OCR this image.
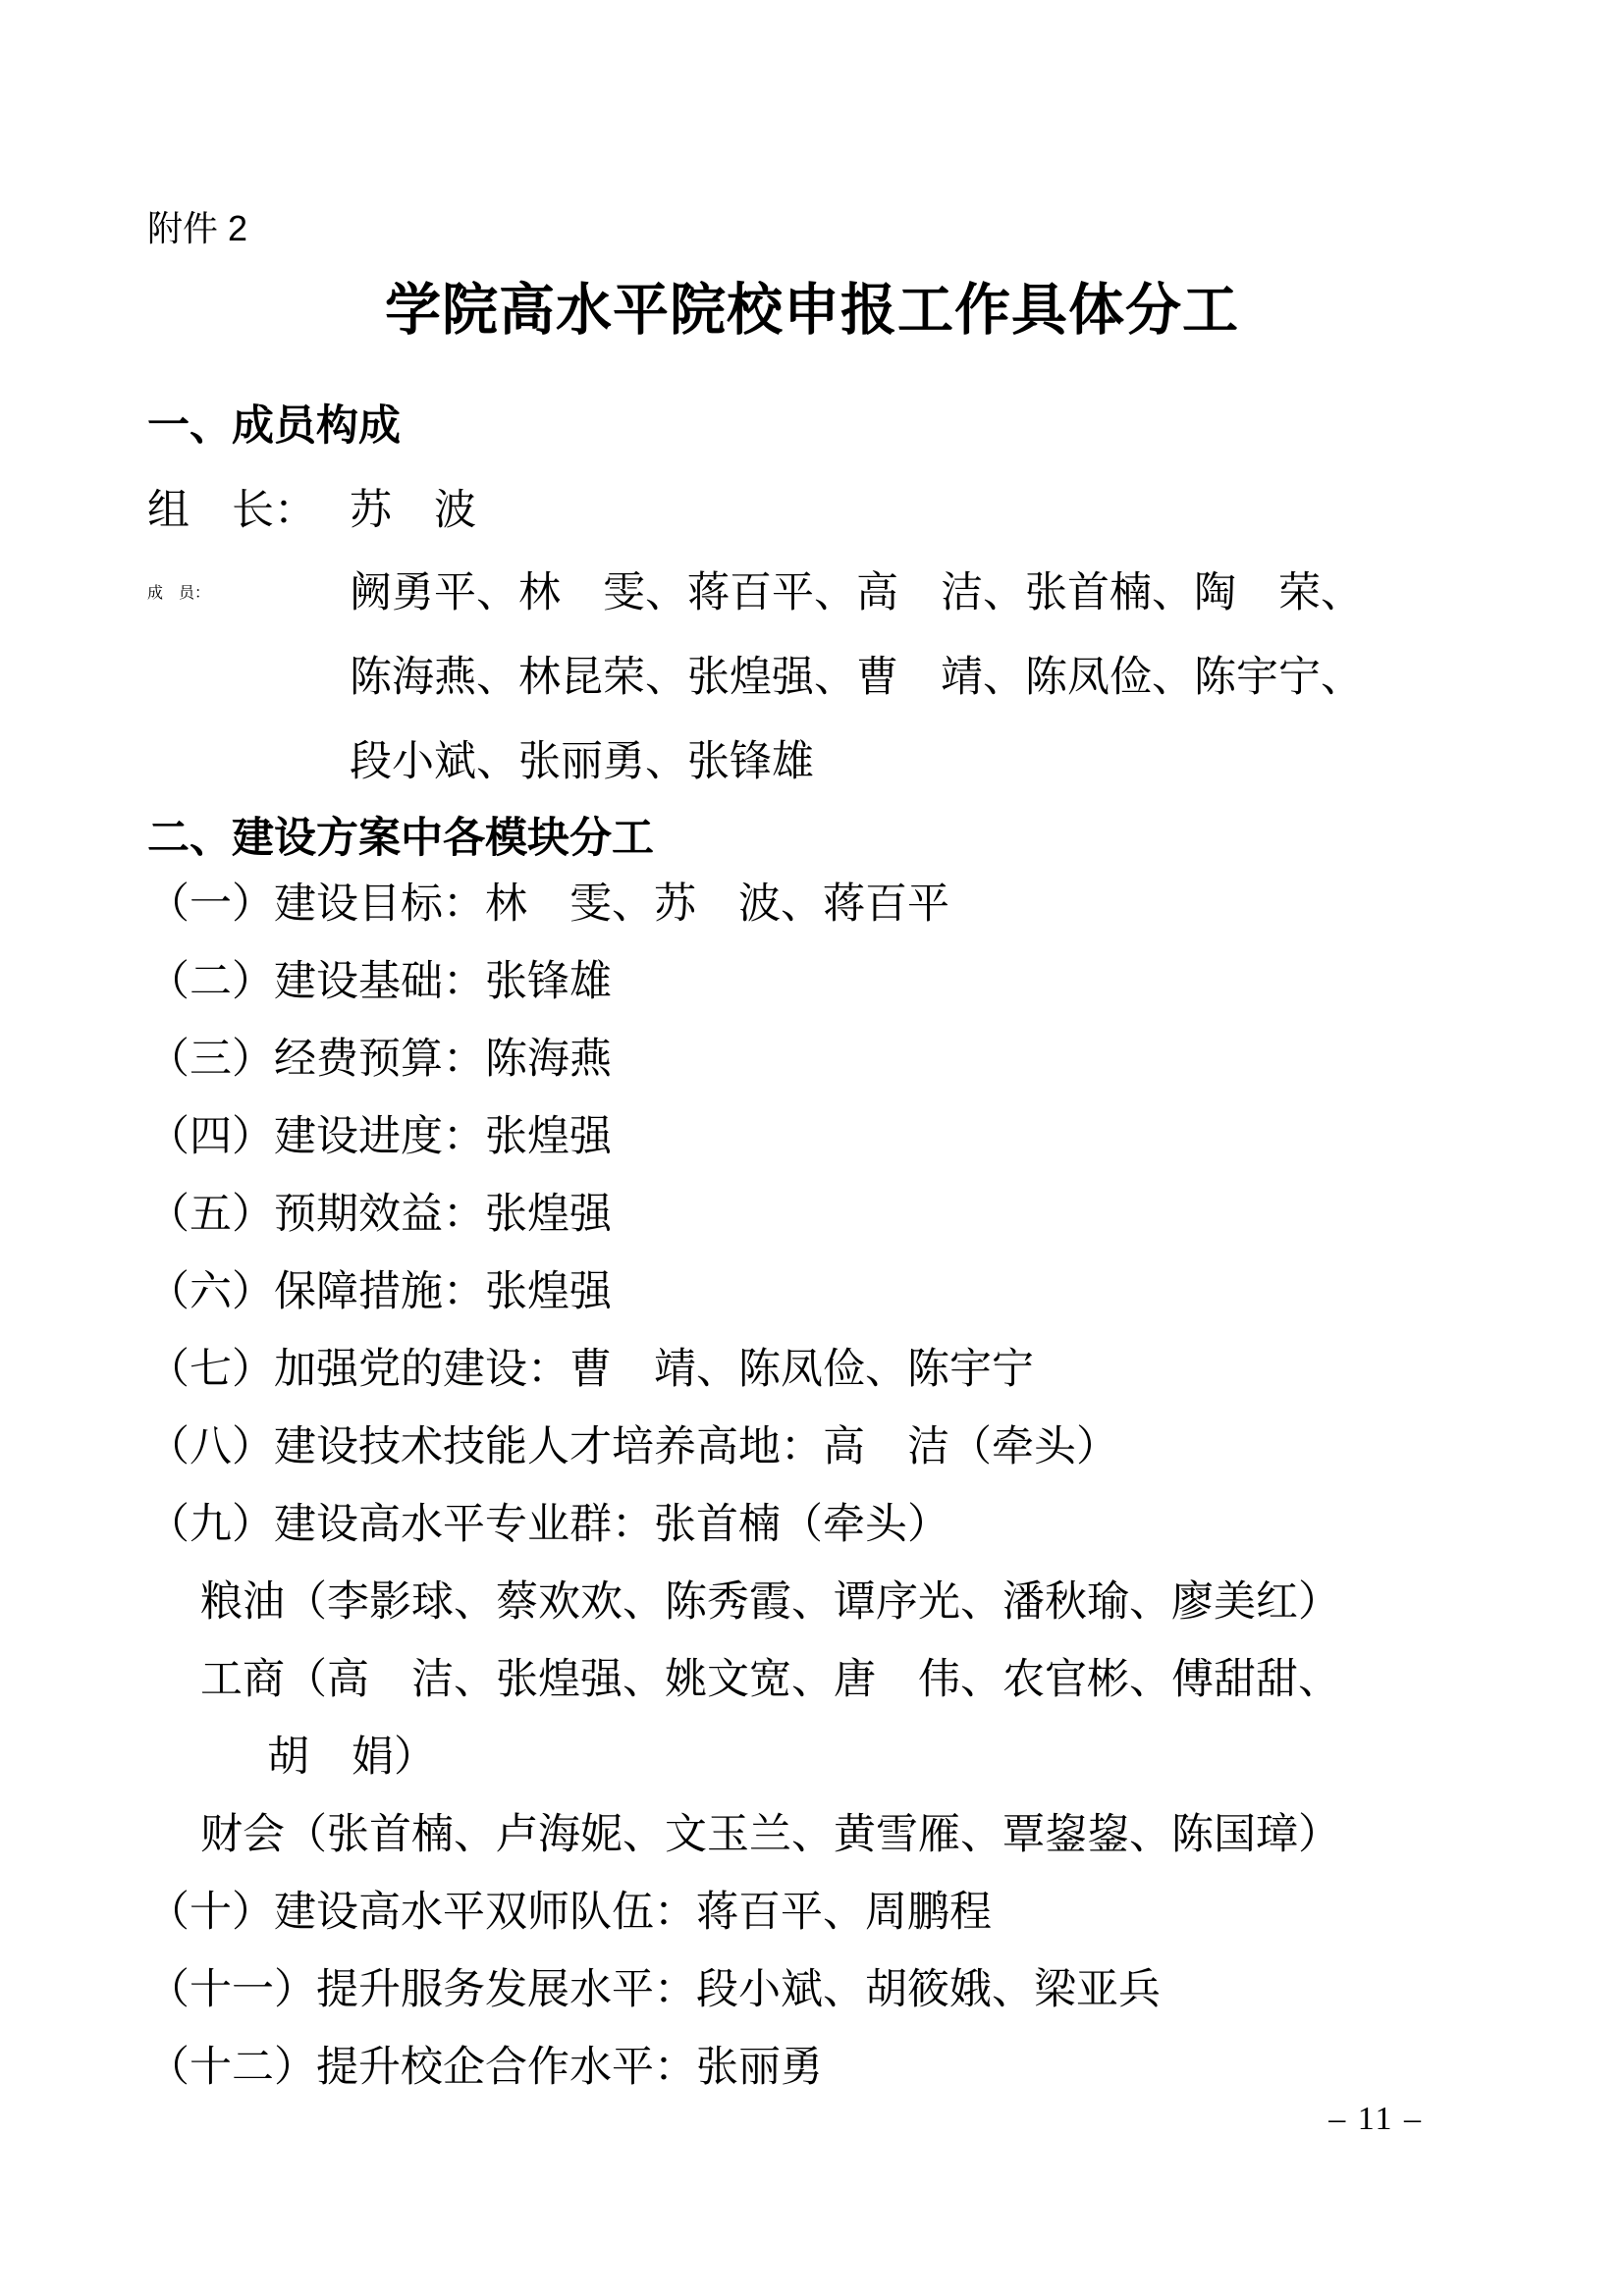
附件 2
学院高水平院校申报工作具体分工
一、成员构成
组　长： 苏　波
成　员：	阙勇平、林　雯、蒋百平、高　洁、张首楠、陶　荣、
陈海燕、林昆荣、张煌强、曹　靖、陈凤俭、陈宇宁、
段小斌、张丽勇、张锋雄
二、建设方案中各模块分工
（一）建设目标：林　雯、苏　波、蒋百平
（二）建设基础：张锋雄
（三）经费预算：陈海燕
（四）建设进度：张煌强
（五）预期效益：张煌强
（六）保障措施：张煌强
（七）加强党的建设：曹　靖、陈凤俭、陈宇宁
（八）建设技术技能人才培养高地：高　洁（牵头）
（九）建设高水平专业群：张首楠（牵头）
粮油（李影球、蔡欢欢、陈秀霞、谭序光、潘秋瑜、廖美红）
工商（高　洁、张煌强、姚文宽、唐　伟、农官彬、傅甜甜、
胡　娟）
财会（张首楠、卢海妮、文玉兰、黄雪雁、覃鋆鋆、陈国璋）
（十）建设高水平双师队伍：蒋百平、周鹏程
（十一）提升服务发展水平：段小斌、胡筱娥、梁亚兵
（十二）提升校企合作水平：张丽勇
– 11 –
